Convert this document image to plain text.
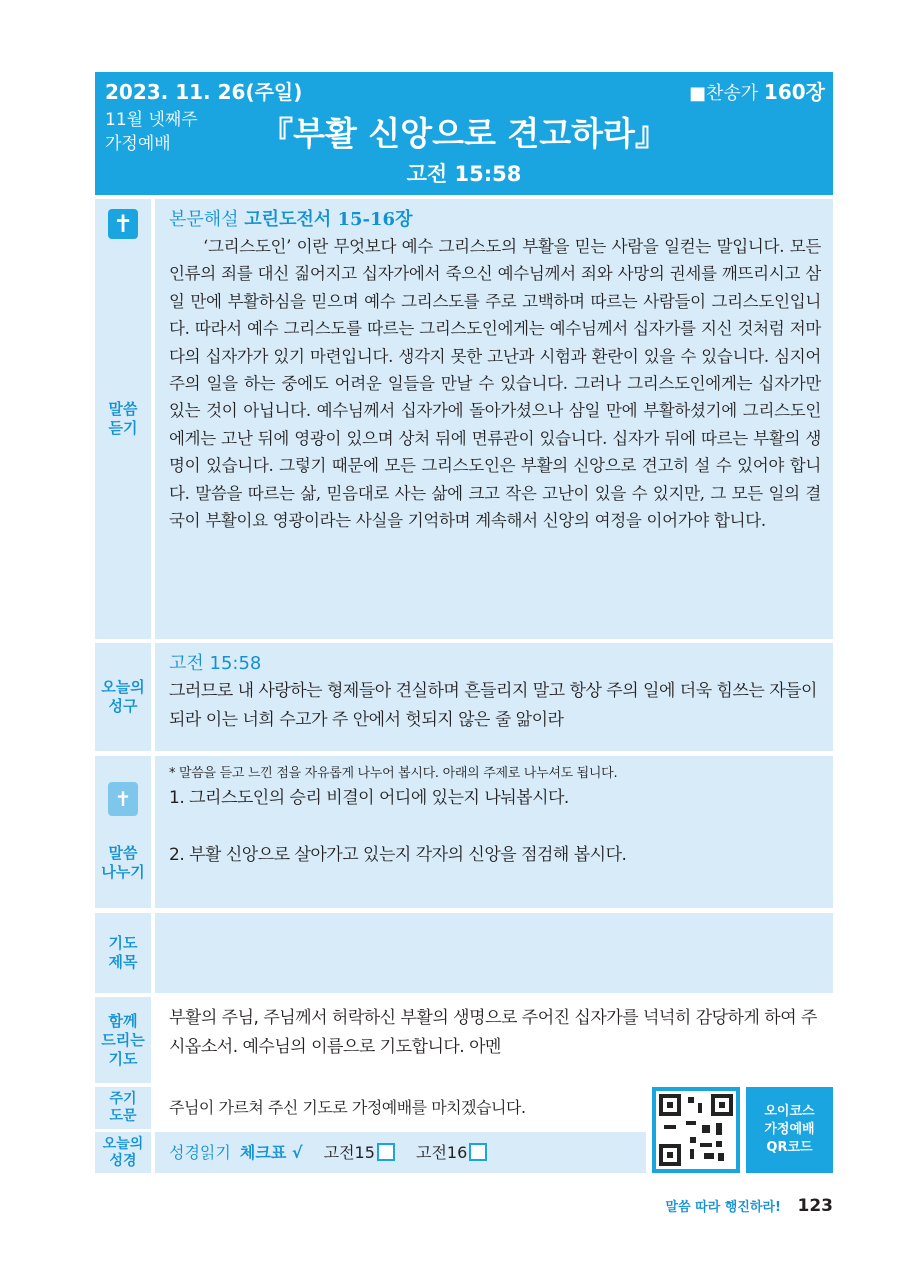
2023. 11. 26(주일)
11월 넷째주
가정예배
■찬송가 160장
『부활 신앙으로 견고하라』
고전 15:58
✝
말씀
듣기
본문해설 고린도전서 15-16장

‘그리스도인’ 이란 무엇보다 예수 그리스도의 부활을 믿는 사람을 일컫는 말입니다. 모든 인류의 죄를 대신 짊어지고 십자가에서 죽으신 예수님께서 죄와 사망의 권세를 깨뜨리시고 삼일 만에 부활하심을 믿으며 예수 그리스도를 주로 고백하며 따르는 사람들이 그리스도인입니다. 따라서 예수 그리스도를 따르는 그리스도인에게는 예수님께서 십자가를 지신 것처럼 저마다의 십자가가 있기 마련입니다. 생각지 못한 고난과 시험과 환란이 있을 수 있습니다. 심지어 주의 일을 하는 중에도 어려운 일들을 만날 수 있습니다. 그러나 그리스도인에게는 십자가만 있는 것이 아닙니다. 예수님께서 십자가에 돌아가셨으나 삼일 만에 부활하셨기에 그리스도인에게는 고난 뒤에 영광이 있으며 상처 뒤에 면류관이 있습니다. 십자가 뒤에 따르는 부활의 생명이 있습니다. 그렇기 때문에 모든 그리스도인은 부활의 신앙으로 견고히 설 수 있어야 합니다. 말씀을 따르는 삶, 믿음대로 사는 삶에 크고 작은 고난이 있을 수 있지만, 그 모든 일의 결국이 부활이요 영광이라는 사실을 기억하며 계속해서 신앙의 여정을 이어가야 합니다.

오늘의
성구
고전 15:58

그러므로 내 사랑하는 형제들아 견실하며 흔들리지 말고 항상 주의 일에 더욱 힘쓰는 자들이 되라 이는 너희 수고가 주 안에서 헛되지 않은 줄 앎이라

✝
말씀
나누기

* 말씀을 듣고 느낀 점을 자유롭게 나누어 봅시다. 아래의 주제로 나누셔도 됩니다.

1. 그리스도인의 승리 비결이 어디에 있는지 나눠봅시다.

2. 부활 신앙으로 살아가고 있는지 각자의 신앙을 점검해 봅시다.

기도
제목
함께
드리는
기도

부활의 주님, 주님께서 허락하신 부활의 생명으로 주어진 십자가를 넉넉히 감당하게 하여 주시옵소서. 예수님의 이름으로 기도합니다. 아멘

주기
도문 주님이 가르쳐 주신 기도로 가정예배를 마치겠습니다.

오늘의
성경	성경읽기 체크표 √ 고전15	고전16
오이코스
가정예배
QR코드
말씀 따라 행진하라! 123
